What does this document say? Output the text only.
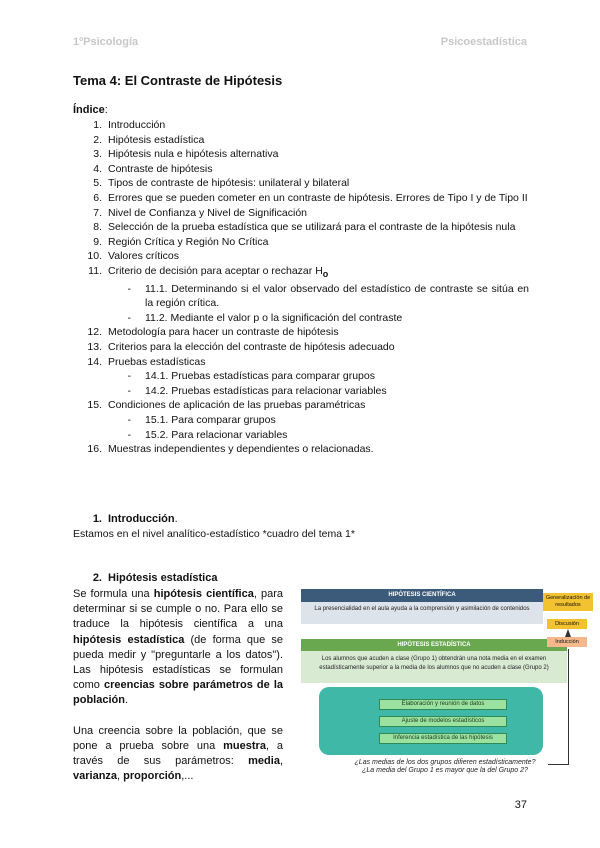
1ºPsicología	Psicoestadística
Tema 4: El Contraste de Hipótesis
Índice:
1. Introducción
2. Hipótesis estadística
3. Hipótesis nula e hipótesis alternativa
4. Contraste de hipótesis
5. Tipos de contraste de hipótesis: unilateral y bilateral
6. Errores que se pueden cometer en un contraste de hipótesis. Errores de Tipo I y de Tipo II
7. Nivel de Confianza y Nivel de Significación
8. Selección de la prueba estadística que se utilizará para el contraste de la hipótesis nula
9. Región Crítica y Región No Crítica
10. Valores críticos
11. Criterio de decisión para aceptar o rechazar $H_o$
-	11.1. Determinando si el valor observado del estadístico de contraste se sitúa en la región crítica.
-	11.2. Mediante el valor p o la significación del contraste
12. Metodología para hacer un contraste de hipótesis
13. Criterios para la elección del contraste de hipótesis adecuado
14. Pruebas estadísticas
-	14.1. Pruebas estadísticas para comparar grupos
-	14.2. Pruebas estadísticas para relacionar variables
15. Condiciones de aplicación de las pruebas paramétricas
-	15.1. Para comparar grupos
-	15.2. Para relacionar variables
16. Muestras independientes y dependientes o relacionadas.
1. Introducción.
Estamos en el nivel analítico-estadístico *cuadro del tema 1*
2. Hipótesis estadística

Se formula una hipótesis científica, para determinar si se cumple o no. Para ello se traduce la hipótesis científica a una hipótesis estadística (de forma que se pueda medir y "preguntarle a los datos"). Las hipótesis estadísticas se formulan como creencias sobre parámetros de la población.

Una creencia sobre la población, que se pone a prueba sobre una muestra, a través de sus parámetros: media, varianza, proporción,...

HIPÓTESIS CIENTÍFICA
La presencialidad en el aula ayuda a la comprensión y asimilación de contenidos
HIPÓTESIS ESTADÍSTICA
Los alumnos que acuden a clase (Grupo 1) obtendrán una nota media en el examen estadísticamente superior a la media de los alumnos que no acuden a clase (Grupo 2)
Elaboración y reunión de datos
Ajuste de modelos estadísticos
Inferencia estadística de las hipótesis
Generalización de resultados
Discusión
Inducción
¿Las medias de los dos grupos difieren estadísticamente?
¿La media del Grupo 1 es mayor que la del Grupo 2?
37
